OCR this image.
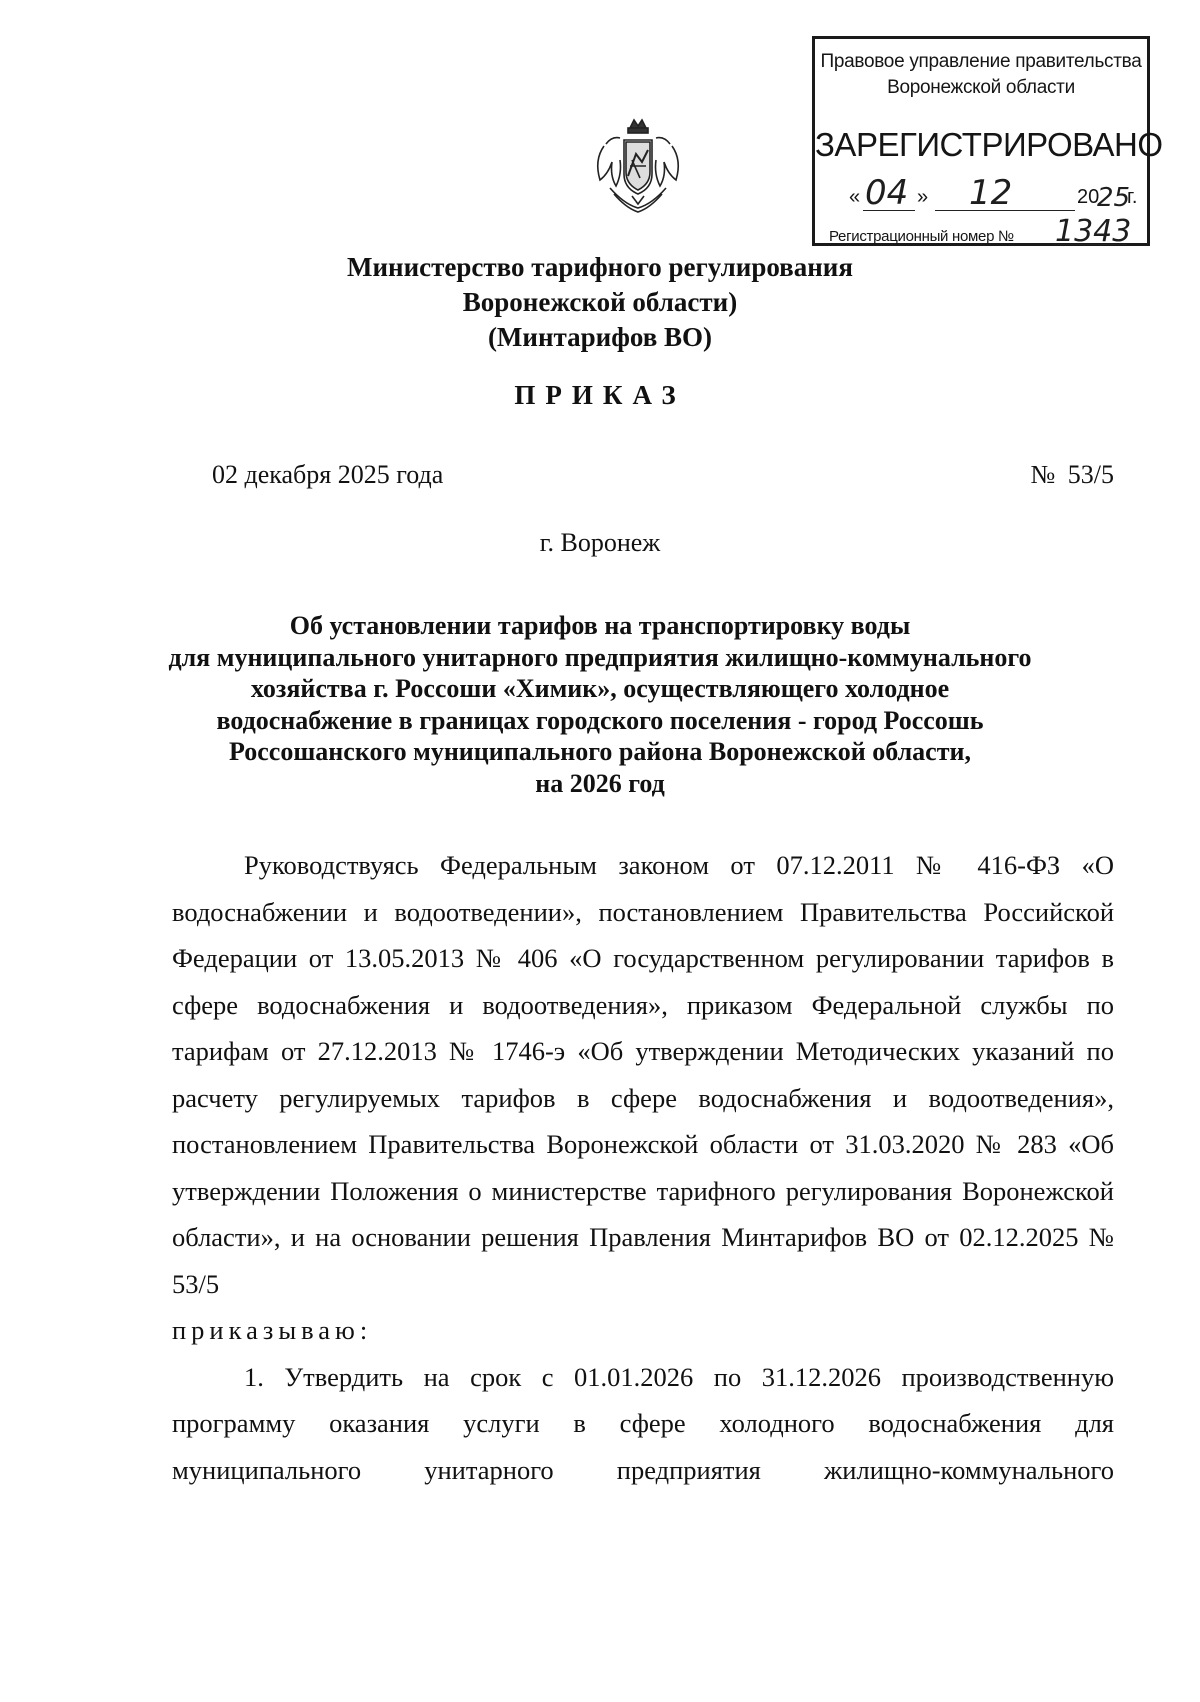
Правовое управление правительства
Воронежской области
ЗАРЕГИСТРИРОВАНО
« 04 » 12	20
25
г.
Регистрационный номер № 1343
Министерство тарифного регулирования
Воронежской области)
(Минтарифов ВО)
ПРИКАЗ
02 декабря 2025 года	№ 53/5
г. Воронеж
Об установлении тарифов на транспортировку воды
для муниципального унитарного предприятия жилищно-коммунального
хозяйства г. Россоши «Химик», осуществляющего холодное
водоснабжение в границах городского поселения - город Россошь
Россошанского муниципального района Воронежской области,
на 2026 год

Руководствуясь Федеральным законом от 07.12.2011 № 416-ФЗ «О водоснабжении и водоотведении», постановлением Правительства Российской Федерации от 13.05.2013 № 406 «О государственном регулировании тарифов в сфере водоснабжения и водоотведения», приказом Федеральной службы по тарифам от 27.12.2013 № 1746-э «Об утверждении Методических указаний по расчету регулируемых тарифов в сфере водоснабжения и водоотведения», постановлением Правительства Воронежской области от 31.03.2020 № 283 «Об утверждении Положения о министерстве тарифного регулирования Воронежской области», и на основании решения Правления Минтарифов ВО от 02.12.2025 № 53/5

приказываю:

1. Утвердить на срок с 01.01.2026 по 31.12.2026 производственную программу оказания услуги в сфере холодного водоснабжения для муниципального унитарного предприятия жилищно-коммунального
